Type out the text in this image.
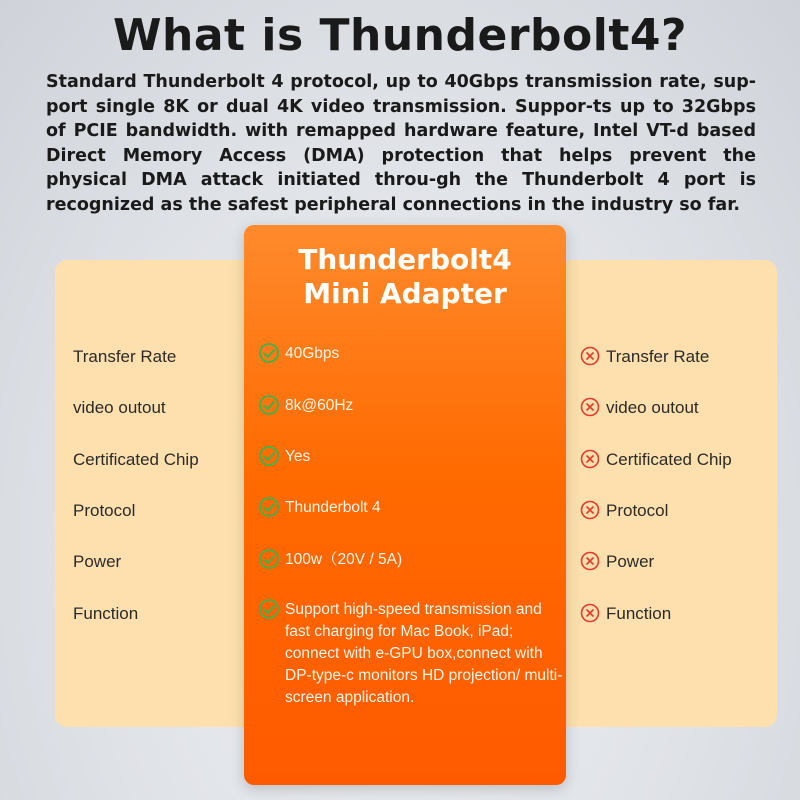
What is Thunderbolt4?
Standard Thunderbolt 4 protocol, up to 40Gbps transmission rate, sup-port single 8K or dual 4K video transmission. Suppor-ts up to 32Gbps of PCIE bandwidth. with remapped hardware feature, Intel VT-d based Direct Memory Access (DMA) protection that helps prevent the physical DMA attack initiated throu-gh the Thunderbolt 4 port is recognized as the safest peripheral connections in the industry so far.
Transfer Rate
video outout
Certificated Chip
Protocol
Power
Function
Transfer Rate
video outout
Certificated Chip
Protocol
Power
Function
Thunderbolt4
Mini Adapter
40Gbps
8k@60Hz
Yes
Thunderbolt 4
100w（20V / 5A)
Support high-speed transmission and fast charging for Mac Book, iPad; connect with e-GPU box,connect with DP-type-c monitors HD projection/ multi-screen application.
